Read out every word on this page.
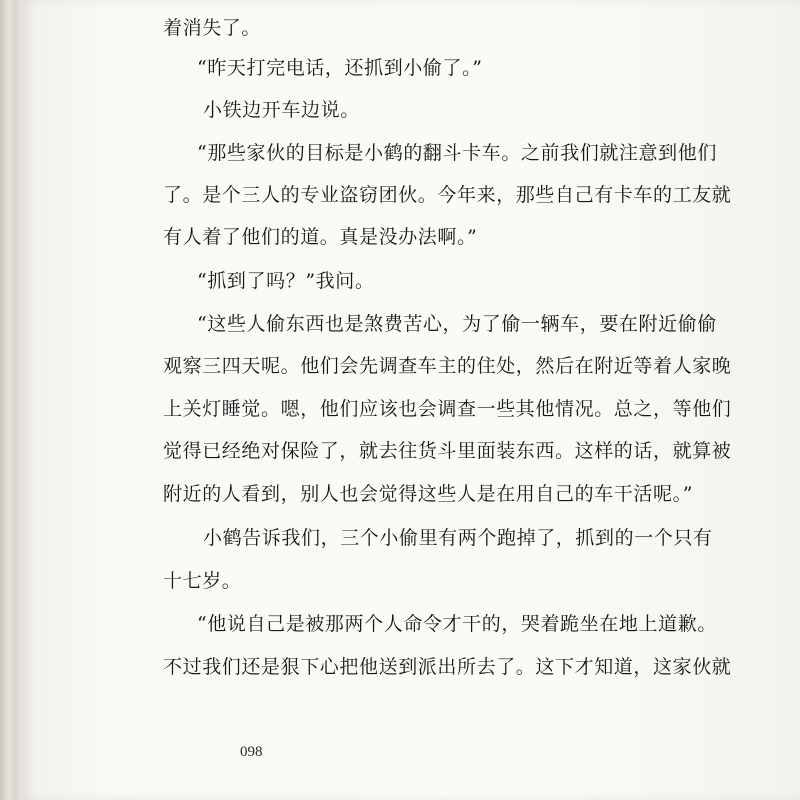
着消失了。
“昨天打完电话，还抓到小偷了。”
小铁边开车边说。
“那些家伙的目标是小鹤的翻斗卡车。之前我们就注意到他们
了。是个三人的专业盗窃团伙。今年来，那些自己有卡车的工友就
有人着了他们的道。真是没办法啊。”
“抓到了吗？”我问。
“这些人偷东西也是煞费苦心，为了偷一辆车，要在附近偷偷
观察三四天呢。他们会先调查车主的住处，然后在附近等着人家晚
上关灯睡觉。嗯，他们应该也会调查一些其他情况。总之，等他们
觉得已经绝对保险了，就去往货斗里面装东西。这样的话，就算被
附近的人看到，别人也会觉得这些人是在用自己的车干活呢。”
小鹤告诉我们，三个小偷里有两个跑掉了，抓到的一个只有
十七岁。
“他说自己是被那两个人命令才干的，哭着跪坐在地上道歉。
不过我们还是狠下心把他送到派出所去了。这下才知道，这家伙就
098
